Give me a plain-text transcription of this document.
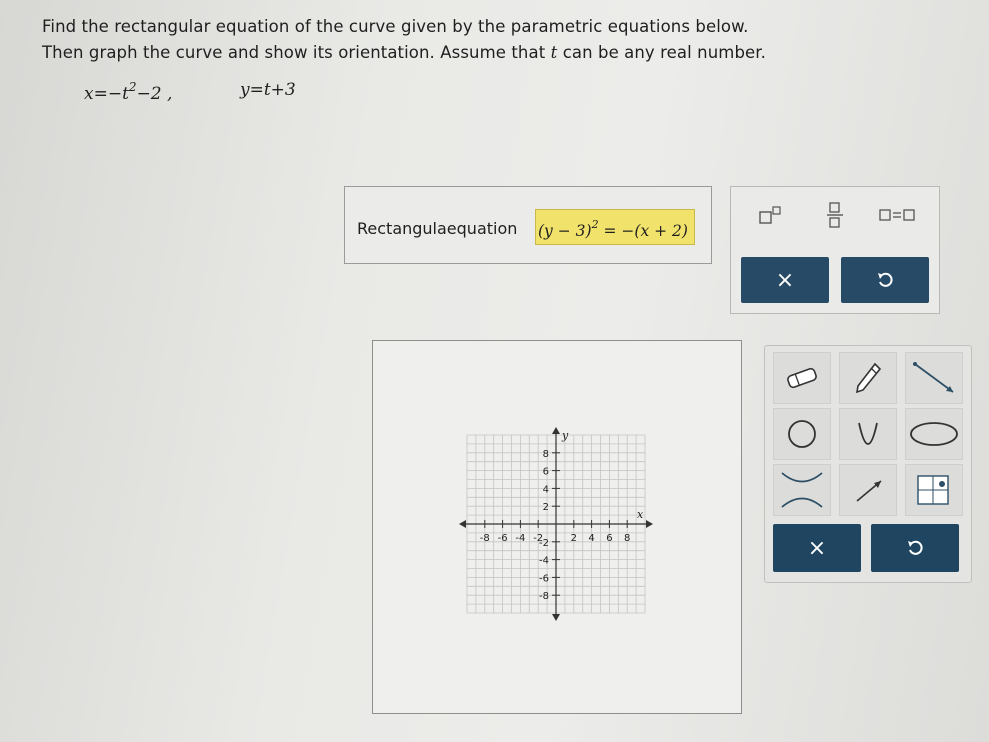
Find the rectangular equation of the curve given by the parametric equations below.
Then graph the curve and show its orientation. Assume that t can be any real number.
$x=-t^2-2$ ,	y=t+3
Rectangulaequation $(y - 3)^2 = -(x + 2)$
×
-8 -6 -4 -2	2 4 6 8
8
6
4
2
-2
-4
-6
-8
x
y
×
